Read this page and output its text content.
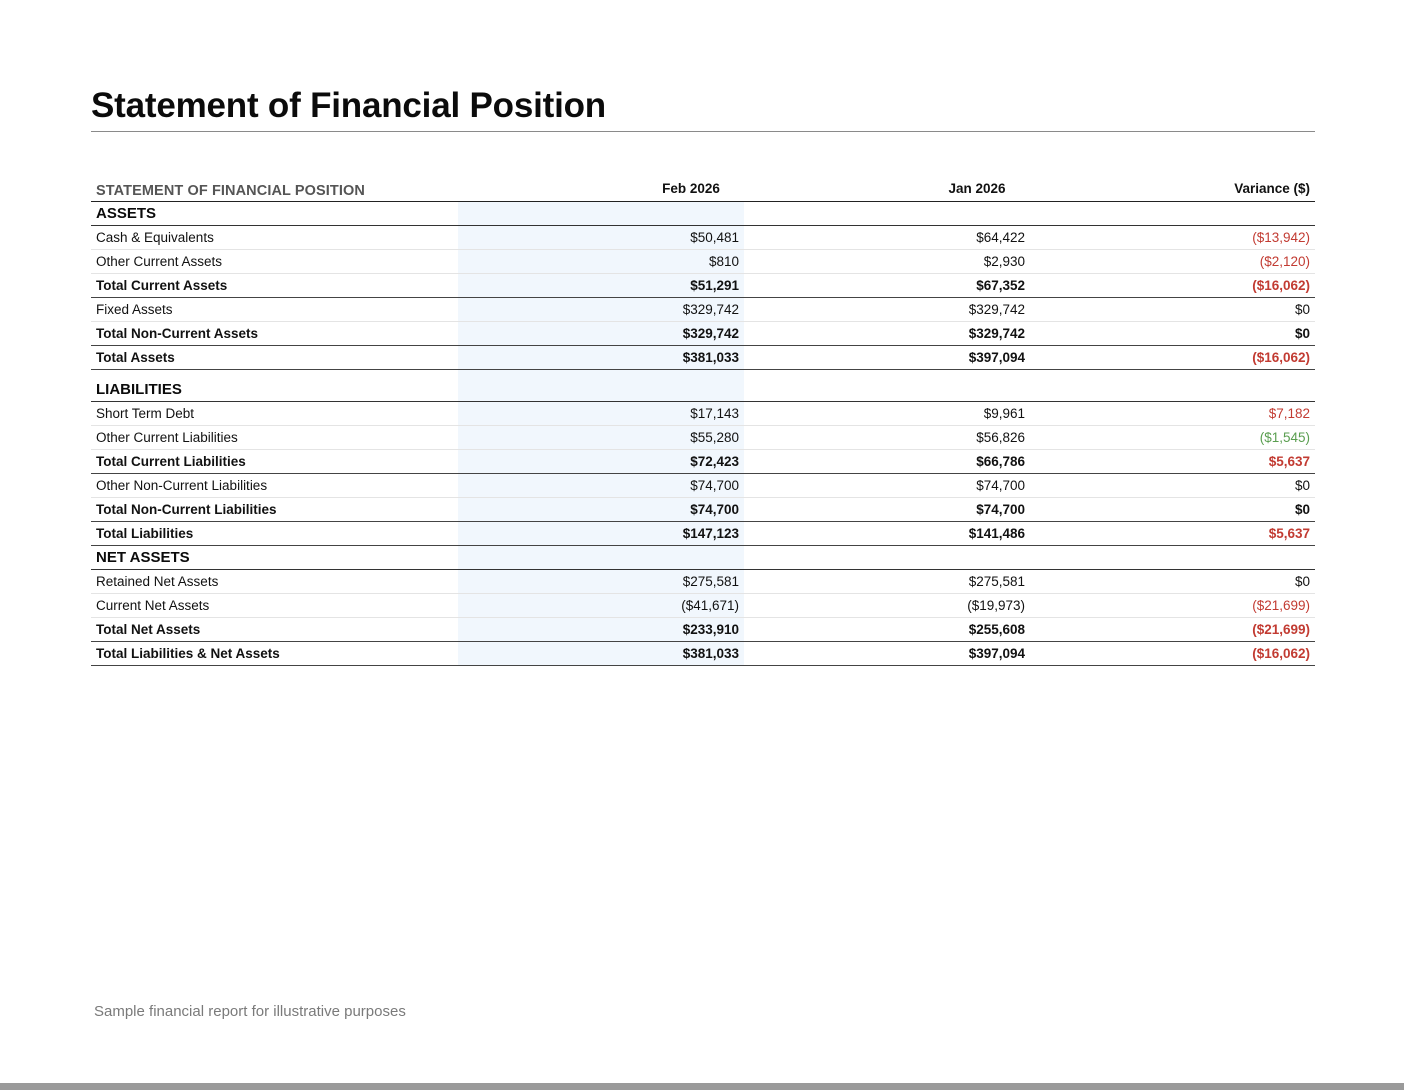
Statement of Financial Position
STATEMENT OF FINANCIAL POSITION	Feb 2026	Jan 2026	Variance ($)
ASSETS
Cash & Equivalents	$50,481	$64,422	($13,942)
Other Current Assets	$810	$2,930	($2,120)
Total Current Assets	$51,291	$67,352	($16,062)
Fixed Assets	$329,742	$329,742	$0
Total Non-Current Assets	$329,742	$329,742	$0
Total Assets	$381,033	$397,094	($16,062)
LIABILITIES
Short Term Debt	$17,143	$9,961	$7,182
Other Current Liabilities	$55,280	$56,826	($1,545)
Total Current Liabilities	$72,423	$66,786	$5,637
Other Non-Current Liabilities	$74,700	$74,700	$0
Total Non-Current Liabilities	$74,700	$74,700	$0
Total Liabilities	$147,123	$141,486	$5,637
NET ASSETS
Retained Net Assets	$275,581	$275,581	$0
Current Net Assets	($41,671)	($19,973)	($21,699)
Total Net Assets	$233,910	$255,608	($21,699)
Total Liabilities & Net Assets	$381,033	$397,094	($16,062)
Sample financial report for illustrative purposes
